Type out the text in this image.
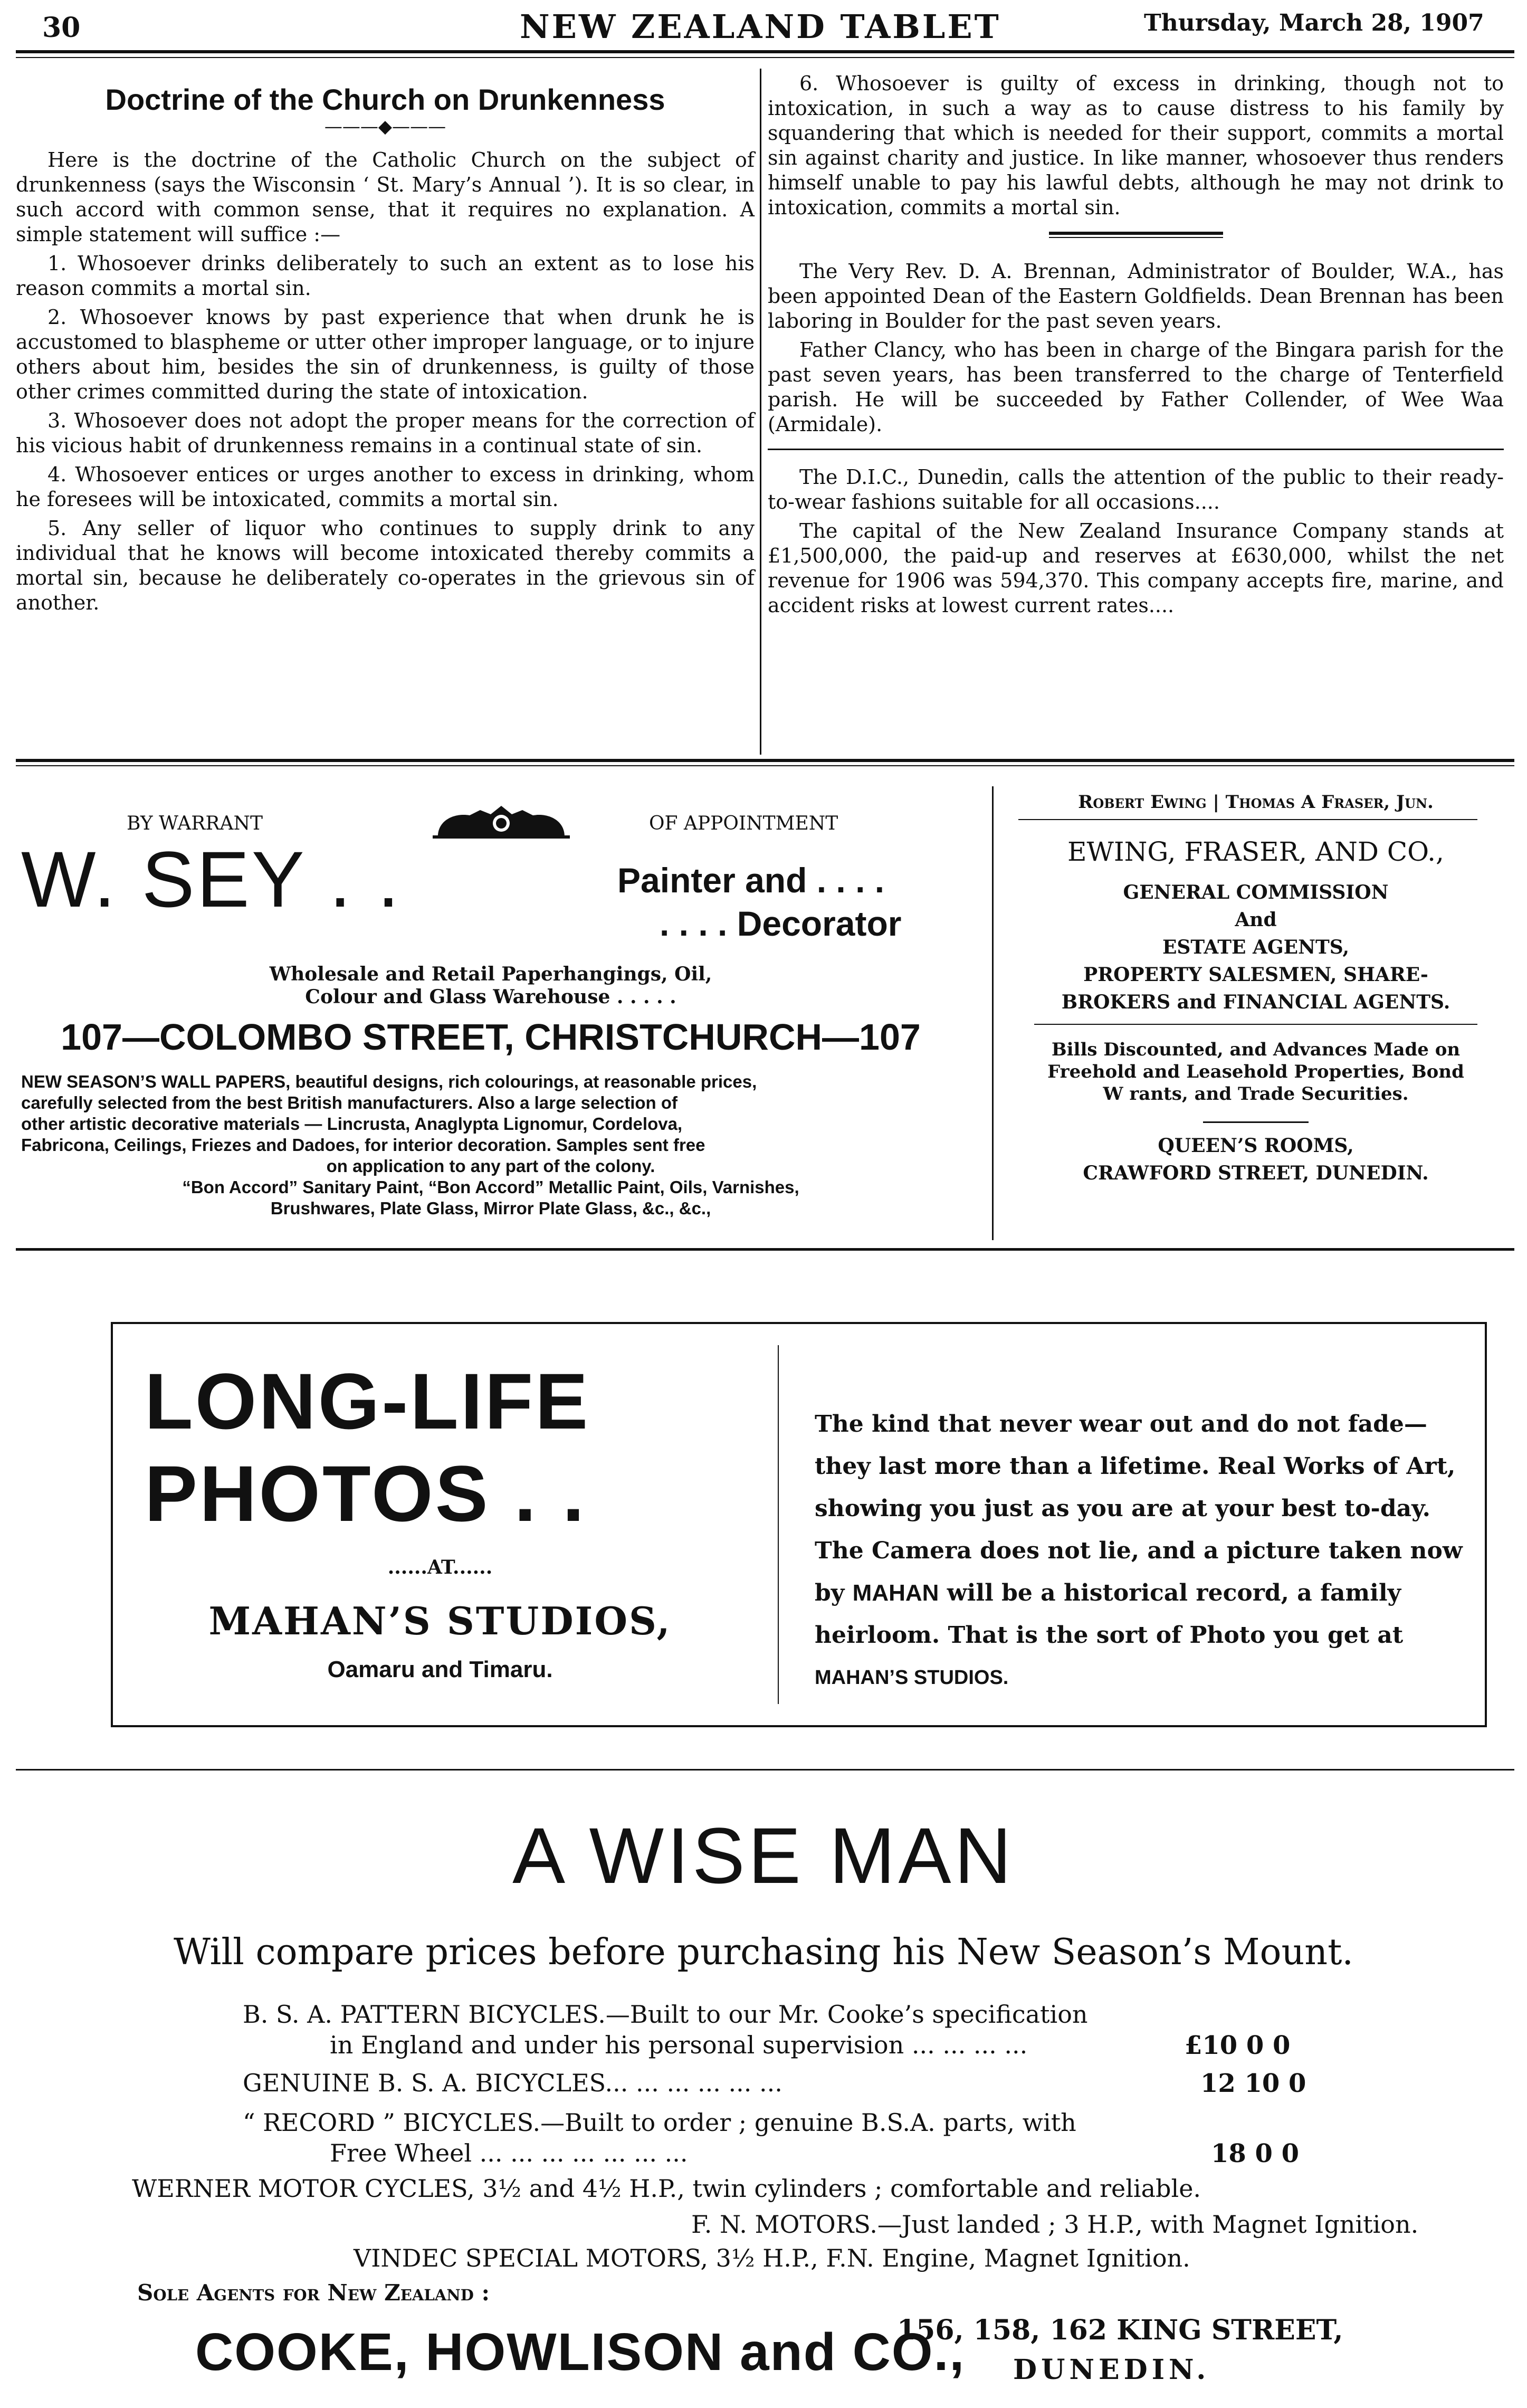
30	NEW ZEALAND TABLET	Thursday, March 28, 1907

Doctrine of the Church on Drunkenness

———◆———

Here is the doctrine of the Catholic Church on the subject of drunkenness (says the Wisconsin ‘ St. Mary’s Annual ’). It is so clear, in such accord with common sense, that it requires no explanation. A simple statement will suffice :—

1. Whosoever drinks deliberately to such an extent as to lose his reason commits a mortal sin.

2. Whosoever knows by past experience that when drunk he is accustomed to blaspheme or utter other improper language, or to injure others about him, besides the sin of drunkenness, is guilty of those other crimes committed during the state of intoxication.

3. Whosoever does not adopt the proper means for the correction of his vicious habit of drunkenness remains in a continual state of sin.

4. Whosoever entices or urges another to excess in drinking, whom he foresees will be intoxicated, commits a mortal sin.

5. Any seller of liquor who continues to supply drink to any individual that he knows will become intoxicated thereby commits a mortal sin, because he deliberately co-operates in the grievous sin of another.

6. Whosoever is guilty of excess in drinking, though not to intoxication, in such a way as to cause distress to his family by squandering that which is needed for their support, commits a mortal sin against charity and justice. In like manner, whosoever thus renders himself unable to pay his lawful debts, although he may not drink to intoxication, commits a mortal sin.

The Very Rev. D. A. Brennan, Administrator of Boulder, W.A., has been appointed Dean of the Eastern Goldfields. Dean Brennan has been laboring in Boulder for the past seven years.

Father Clancy, who has been in charge of the Bingara parish for the past seven years, has been transferred to the charge of Tenterfield parish. He will be succeeded by Father Collender, of Wee Waa (Armidale).

The D.I.C., Dunedin, calls the attention of the public to their ready-to-wear fashions suitable for all occasions....

The capital of the New Zealand Insurance Company stands at £1,500,000, the paid-up and reserves at £630,000, whilst the net revenue for 1906 was 594,370. This company accepts fire, marine, and accident risks at lowest current rates....

BY WARRANT	OF APPOINTMENT
W. SEY . .	Painter and . . . .
. . . . Decorator
Wholesale and Retail Paperhangings, Oil,
Colour and Glass Warehouse . . . . .
107—COLOMBO STREET, CHRISTCHURCH—107
NEW SEASON’S WALL PAPERS, beautiful designs, rich colourings, at reasonable prices,
carefully selected from the best British manufacturers. Also a large selection of
other artistic decorative materials — Lincrusta, Anaglypta Lignomur, Cordelova,
Fabricona, Ceilings, Friezes and Dadoes, for interior decoration. Samples sent free
on application to any part of the colony.
“Bon Accord” Sanitary Paint, “Bon Accord” Metallic Paint, Oils, Varnishes,
Brushwares, Plate Glass, Mirror Plate Glass, &c., &c.,
Robert Ewing | Thomas A Fraser, Jun.
EWING, FRASER, AND CO.,
GENERAL COMMISSION
And
ESTATE AGENTS,
PROPERTY SALESMEN, SHARE-
BROKERS and FINANCIAL AGENTS.
Bills Discounted, and Advances Made on
Freehold and Leasehold Properties, Bond
W rants, and Trade Securities.
QUEEN’S ROOMS,
CRAWFORD STREET, DUNEDIN.
LONG-LIFE
PHOTOS . .
......AT......
MAHAN’S STUDIOS,
Oamaru and Timaru.
The kind that never wear out and do not fade—
they last more than a lifetime. Real Works of Art,
showing you just as you are at your best to-day.
The Camera does not lie, and a picture taken now
by MAHAN will be a historical record, a family
heirloom. That is the sort of Photo you get at
MAHAN’S STUDIOS.
A WISE MAN
Will compare prices before purchasing his New Season’s Mount.
B. S. A. PATTERN BICYCLES.—Built to our Mr. Cooke’s specification
in England and under his personal supervision ... ... ... ...	£10 0 0
GENUINE B. S. A. BICYCLES... ... ... ... ... ...	12 10 0
“ RECORD ” BICYCLES.—Built to order ; genuine B.S.A. parts, with
Free Wheel ... ... ... ... ... ... ...	18 0 0
WERNER MOTOR CYCLES, 3½ and 4½ H.P., twin cylinders ; comfortable and reliable.
F. N. MOTORS.—Just landed ; 3 H.P., with Magnet Ignition.
VINDEC SPECIAL MOTORS, 3½ H.P., F.N. Engine, Magnet Ignition.
Sole Agents for New Zealand :
COOKE, HOWLISON and CO.,
156, 158, 162 KING STREET,
DUNEDIN.
